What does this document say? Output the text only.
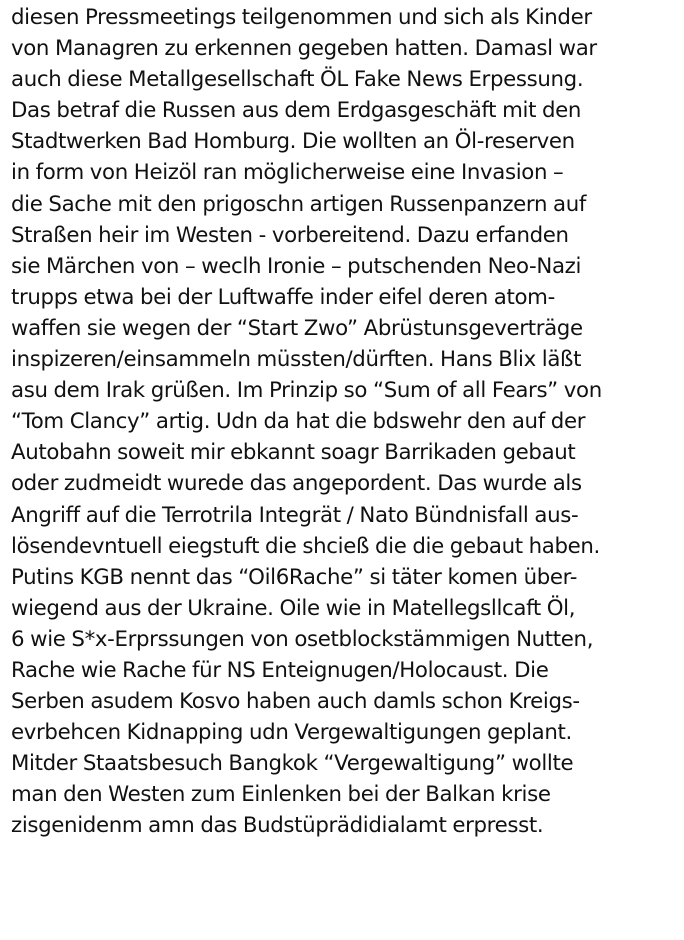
diesen Pressmeetings teilgenommen und sich als Kinder
von Managren zu erkennen gegeben hatten. Damasl war
auch diese Metallgesellschaft ÖL Fake News Erpessung.
Das betraf die Russen aus dem Erdgasgeschäft mit den
Stadtwerken Bad Homburg. Die wollten an Öl-reserven
in form von Heizöl ran möglicherweise eine Invasion –
die Sache mit den prigoschn artigen Russenpanzern auf
Straßen heir im Westen - vorbereitend. Dazu erfanden
sie Märchen von – weclh Ironie – putschenden Neo-Nazi
trupps etwa bei der Luftwaffe inder eifel deren atom-
waffen sie wegen der “Start Zwo” Abrüstunsgeverträge
inspizeren/einsammeln müssten/dürften. Hans Blix läßt
asu dem Irak grüßen. Im Prinzip so “Sum of all Fears” von
“Tom Clancy” artig. Udn da hat die bdswehr den auf der
Autobahn soweit mir ebkannt soagr Barrikaden gebaut
oder zudmeidt wurede das angepordent. Das wurde als
Angriff auf die Terrotrila Integrät / Nato Bündnisfall aus-
lösendevntuell eiegstuft die shcieß die die gebaut haben.
Putins KGB nennt das “Oil6Rache” si täter komen über-
wiegend aus der Ukraine. Oile wie in Matellegsllcaft Öl,
6 wie S*x-Erprssungen von osetblockstämmigen Nutten,
Rache wie Rache für NS Enteignugen/Holocaust. Die
Serben asudem Kosvo haben auch damls schon Kreigs-
evrbehcen Kidnapping udn Vergewaltigungen geplant.
Mitder Staatsbesuch Bangkok “Vergewaltigung” wollte
man den Westen zum Einlenken bei der Balkan krise
zisgenidenm amn das Budstüprädidialamt erpresst.
